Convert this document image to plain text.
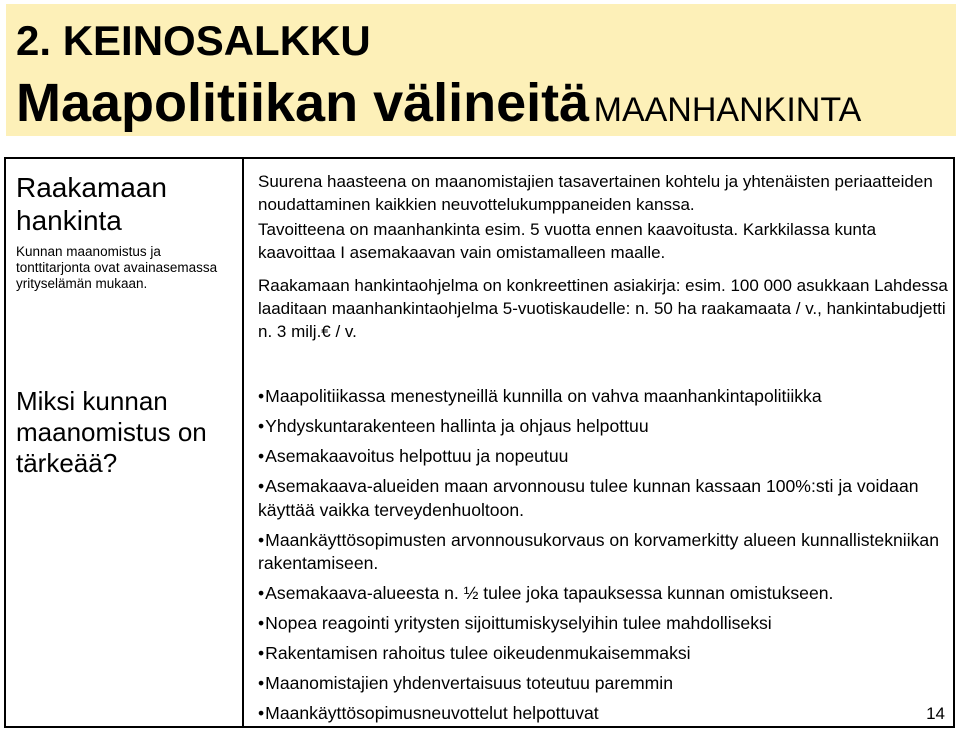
2. KEINOSALKKU
Maapolitiikan välineitä MAANHANKINTA
Raakamaan hankinta
Kunnan maanomistus ja tonttitarjonta ovat avainasemassa yrityselämän mukaan.
Miksi kunnan maanomistus on tärkeää?

Suurena haasteena on maanomistajien tasavertainen kohtelu ja yhtenäisten periaatteiden noudattaminen kaikkien neuvottelukumppaneiden kanssa.

Tavoitteena on maanhankinta esim. 5 vuotta ennen kaavoitusta. Karkkilassa kunta kaavoittaa I asemakaavan vain omistamalleen maalle.

Raakamaan hankintaohjelma on konkreettinen asiakirja: esim. 100 000 asukkaan Lahdessa laaditaan maanhankintaohjelma 5-vuotiskaudelle: n. 50 ha raakamaata / v., hankintabudjetti n. 3 milj.€ / v.

•Maapolitiikassa menestyneillä kunnilla on vahva maanhankintapolitiikka
•Yhdyskuntarakenteen hallinta ja ohjaus helpottuu
•Asemakaavoitus helpottuu ja nopeutuu
•Asemakaava-alueiden maan arvonnousu tulee kunnan kassaan 100%:sti ja voidaan käyttää vaikka terveydenhuoltoon.
•Maankäyttösopimusten arvonnousukorvaus on korvamerkitty alueen kunnallistekniikan rakentamiseen.
•Asemakaava-alueesta n. ½ tulee joka tapauksessa kunnan omistukseen.
•Nopea reagointi yritysten sijoittumiskyselyihin tulee mahdolliseksi
•Rakentamisen rahoitus tulee oikeudenmukaisemmaksi
•Maanomistajien yhdenvertaisuus toteutuu paremmin
•Maankäyttösopimusneuvottelut helpottuvat	14
